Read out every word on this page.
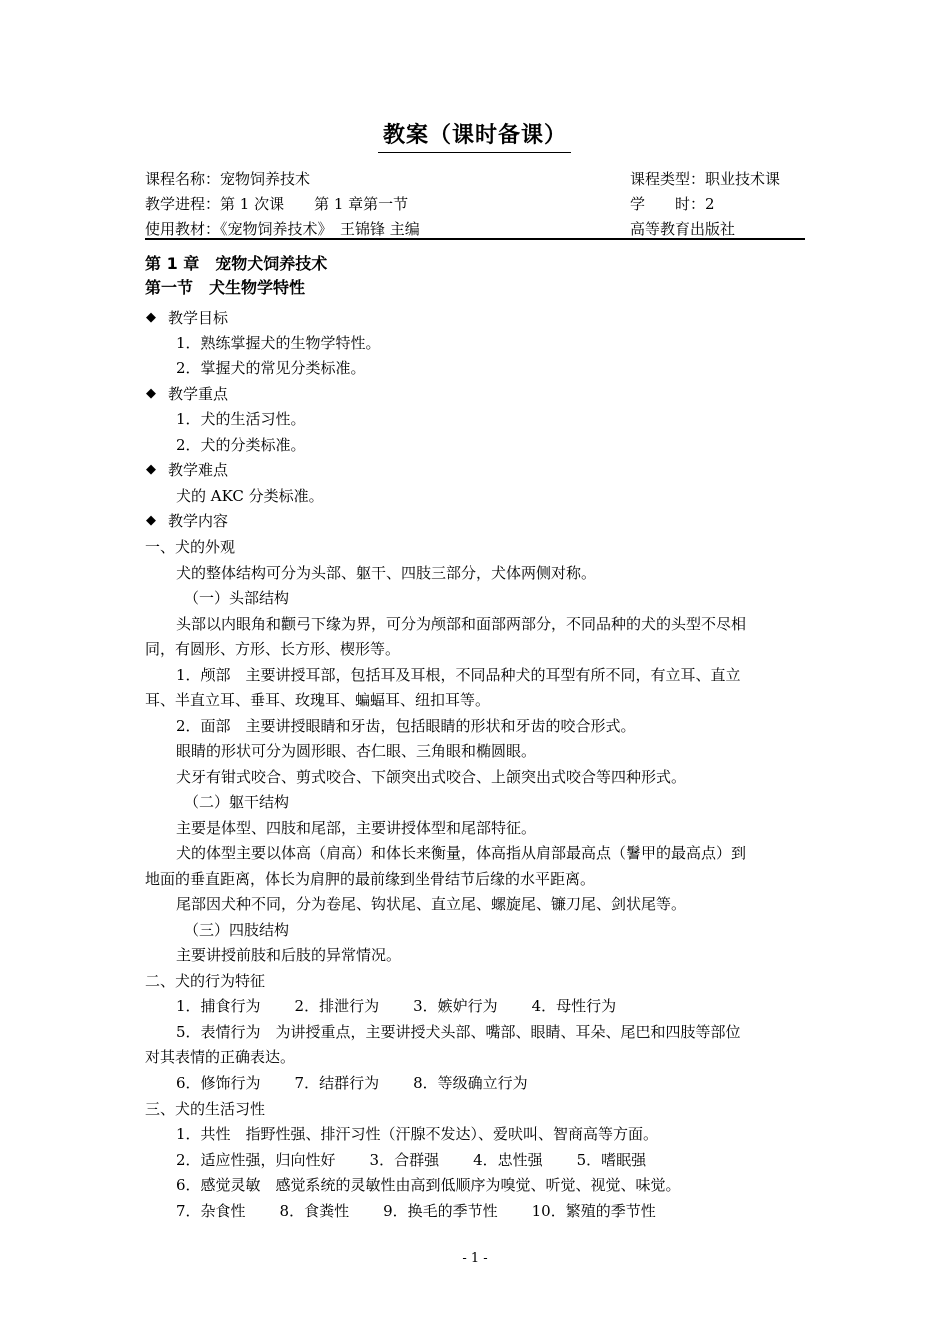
教案（课时备课）
课程名称：宠物饲养技术	课程类型：职业技术课
教学进程：第 1 次课　　第 1 章第一节	学　　时：2
使用教材：《宠物饲养技术》　王锦锋 主编	高等教育出版社
第 1 章　宠物犬饲养技术
第一节　犬生物学特性
◆ 教学目标
1．熟练掌握犬的生物学特性。
2．掌握犬的常见分类标准。
◆ 教学重点
1．犬的生活习性。
2．犬的分类标准。
◆ 教学难点
犬的 AKC 分类标准。
◆ 教学内容
一、犬的外观
犬的整体结构可分为头部、躯干、四肢三部分，犬体两侧对称。
（一）头部结构
头部以内眼角和颧弓下缘为界，可分为颅部和面部两部分，不同品种的犬的头型不尽相
同，有圆形、方形、长方形、楔形等。
1．颅部　主要讲授耳部，包括耳及耳根，不同品种犬的耳型有所不同，有立耳、直立
耳、半直立耳、垂耳、玫瑰耳、蝙蝠耳、纽扣耳等。
2．面部　主要讲授眼睛和牙齿，包括眼睛的形状和牙齿的咬合形式。
眼睛的形状可分为圆形眼、杏仁眼、三角眼和椭圆眼。
犬牙有钳式咬合、剪式咬合、下颌突出式咬合、上颌突出式咬合等四种形式。
（二）躯干结构
主要是体型、四肢和尾部，主要讲授体型和尾部特征。
犬的体型主要以体高（肩高）和体长来衡量，体高指从肩部最高点（鬐甲的最高点）到
地面的垂直距离，体长为肩胛的最前缘到坐骨结节后缘的水平距离。
尾部因犬种不同，分为卷尾、钩状尾、直立尾、螺旋尾、镰刀尾、剑状尾等。
（三）四肢结构
主要讲授前肢和后肢的异常情况。
二、犬的行为特征
1．捕食行为 2．排泄行为 3．嫉妒行为 4．母性行为
5．表情行为　为讲授重点，主要讲授犬头部、嘴部、眼睛、耳朵、尾巴和四肢等部位
对其表情的正确表达。
6．修饰行为 7．结群行为 8．等级确立行为
三、犬的生活习性
1．共性　指野性强、排汗习性（汗腺不发达）、爱吠叫、智商高等方面。
2．适应性强，归向性好 3．合群强 4．忠性强 5．嗜眠强
6．感觉灵敏　感觉系统的灵敏性由高到低顺序为嗅觉、听觉、视觉、味觉。
7．杂食性 8．食粪性 9．换毛的季节性 10．繁殖的季节性
- 1 -
